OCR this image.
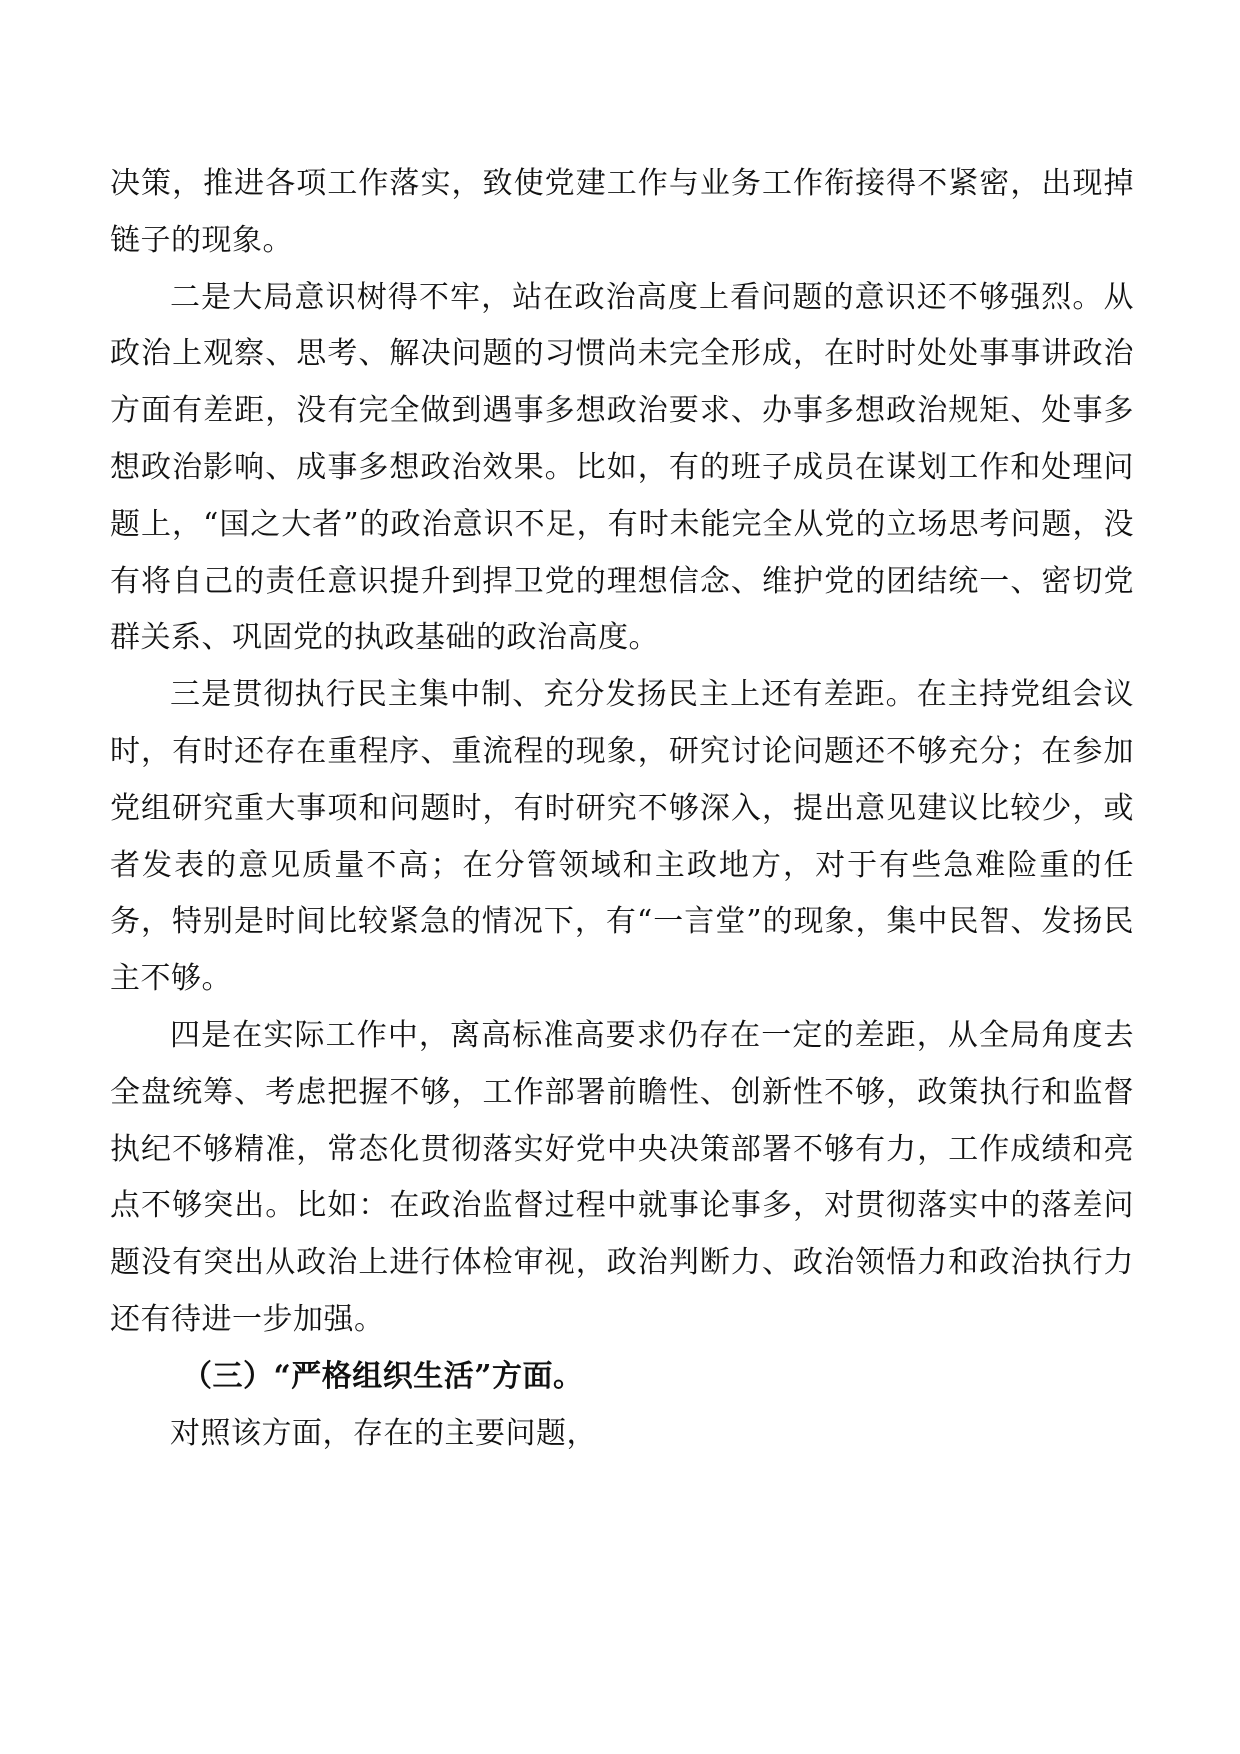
决策，推进各项工作落实，致使党建工作与业务工作衔接得不紧密，出现掉链子的现象。

二是大局意识树得不牢，站在政治高度上看问题的意识还不够强烈。从政治上观察、思考、解决问题的习惯尚未完全形成，在时时处处事事讲政治方面有差距，没有完全做到遇事多想政治要求、办事多想政治规矩、处事多想政治影响、成事多想政治效果。比如，有的班子成员在谋划工作和处理问题上，“国之大者”的政治意识不足，有时未能完全从党的立场思考问题，没有将自己的责任意识提升到捍卫党的理想信念、维护党的团结统一、密切党群关系、巩固党的执政基础的政治高度。

三是贯彻执行民主集中制、充分发扬民主上还有差距。在主持党组会议时，有时还存在重程序、重流程的现象，研究讨论问题还不够充分；在参加党组研究重大事项和问题时，有时研究不够深入，提出意见建议比较少，或者发表的意见质量不高；在分管领域和主政地方，对于有些急难险重的任务，特别是时间比较紧急的情况下，有“一言堂”的现象，集中民智、发扬民主不够。

四是在实际工作中，离高标准高要求仍存在一定的差距，从全局角度去全盘统筹、考虑把握不够，工作部署前瞻性、创新性不够，政策执行和监督执纪不够精准，常态化贯彻落实好党中央决策部署不够有力，工作成绩和亮点不够突出。比如：在政治监督过程中就事论事多，对贯彻落实中的落差问题没有突出从政治上进行体检审视，政治判断力、政治领悟力和政治执行力还有待进一步加强。

（三）“严格组织生活”方面。

对照该方面，存在的主要问题，
